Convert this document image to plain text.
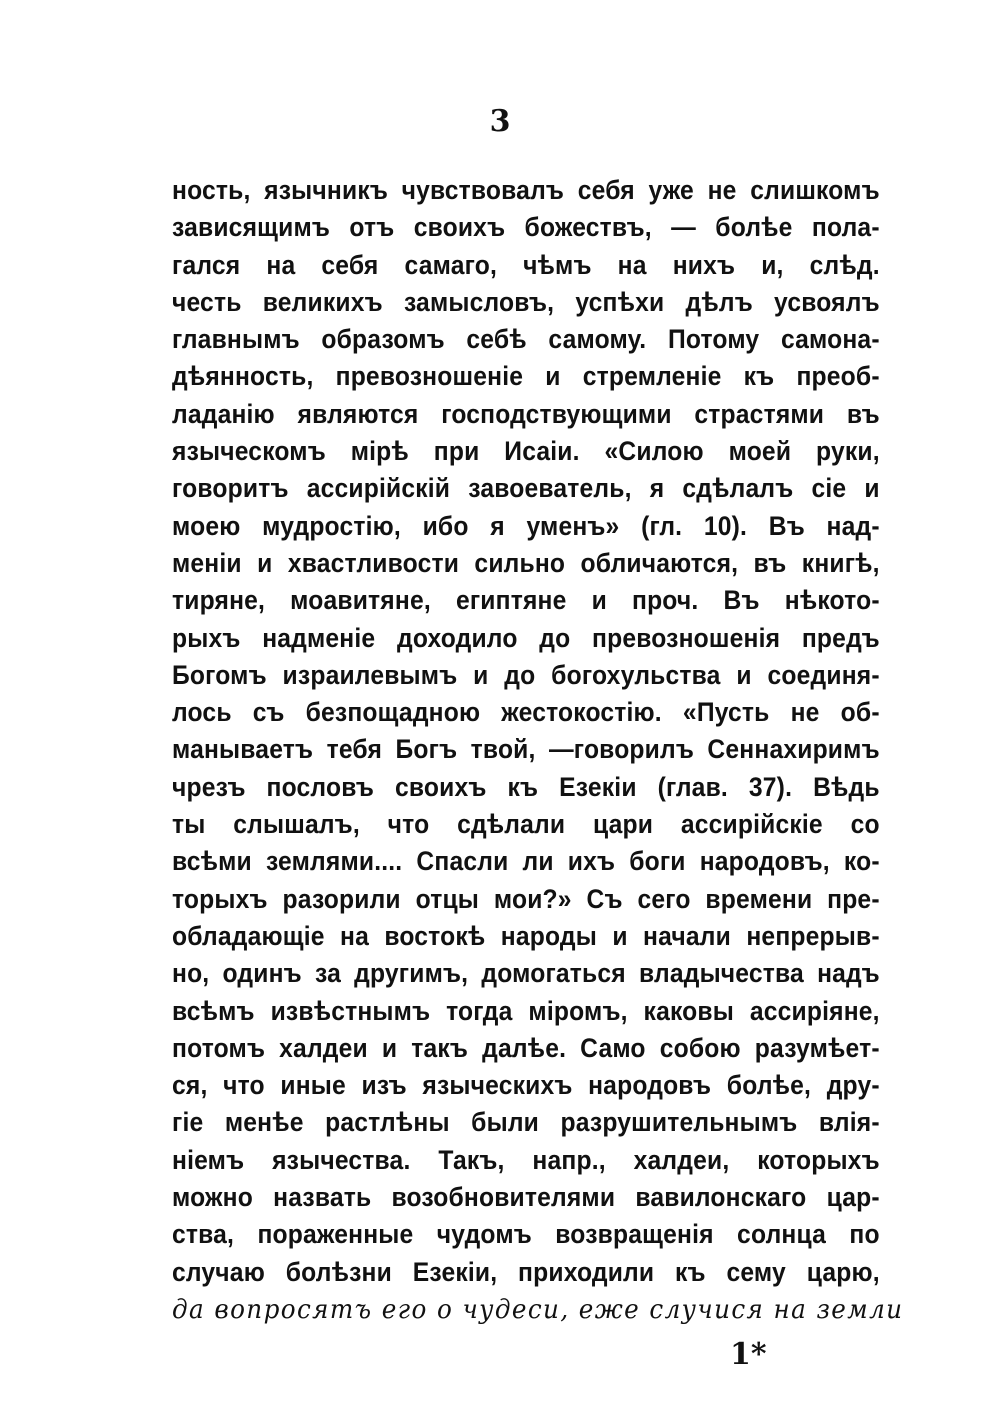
3
ность, язычникъ чувствовалъ себя уже не слишкомъ
зависящимъ отъ своихъ божествъ, — болѣе пола-
гался на себя самаго, чѣмъ на нихъ и, слѣд.
честь великихъ замысловъ, успѣхи дѣлъ усвоялъ
главнымъ образомъ себѣ самому. Потому самона-
дѣянность, превозношеніе и стремленіе къ преоб-
ладанію являются господствующими страстями въ
языческомъ мірѣ при Исаіи. «Силою моей руки,
говоритъ ассирійскій завоеватель, я сдѣлалъ сіе и
моею мудростію, ибо я уменъ» (гл. 10). Въ над-
меніи и хвастливости сильно обличаются, въ книгѣ,
тиряне, моавитяне, египтяне и проч. Въ нѣкото-
рыхъ надменіе доходило до превозношенія предъ
Богомъ израилевымъ и до богохульства и соединя-
лось съ безпощадною жестокостію. «Пусть не об-
манываетъ тебя Богъ твой, —говорилъ Сеннахиримъ
чрезъ пословъ своихъ къ Езекіи (глав. 37). Вѣдь
ты слышалъ, что сдѣлали цари ассирійскіе со
всѣми землями.... Спасли ли ихъ боги народовъ, ко-
торыхъ разорили отцы мои?» Съ сего времени пре-
обладающіе на востокѣ народы и начали непрерыв-
но, одинъ за другимъ, домогаться владычества надъ
всѣмъ извѣстнымъ тогда міромъ, каковы ассиріяне,
потомъ халдеи и такъ далѣе. Само собою разумѣет-
ся, что иные изъ языческихъ народовъ болѣе, дру-
гіе менѣе растлѣны были разрушительнымъ влія-
ніемъ язычества. Такъ, напр., халдеи, которыхъ
можно назвать возобновителями вавилонскаго цар-
ства, пораженные чудомъ возвращенія солнца по
случаю болѣзни Езекіи, приходили къ сему царю,
да вопросятъ его о чудеси, еже случися на земли
1*
